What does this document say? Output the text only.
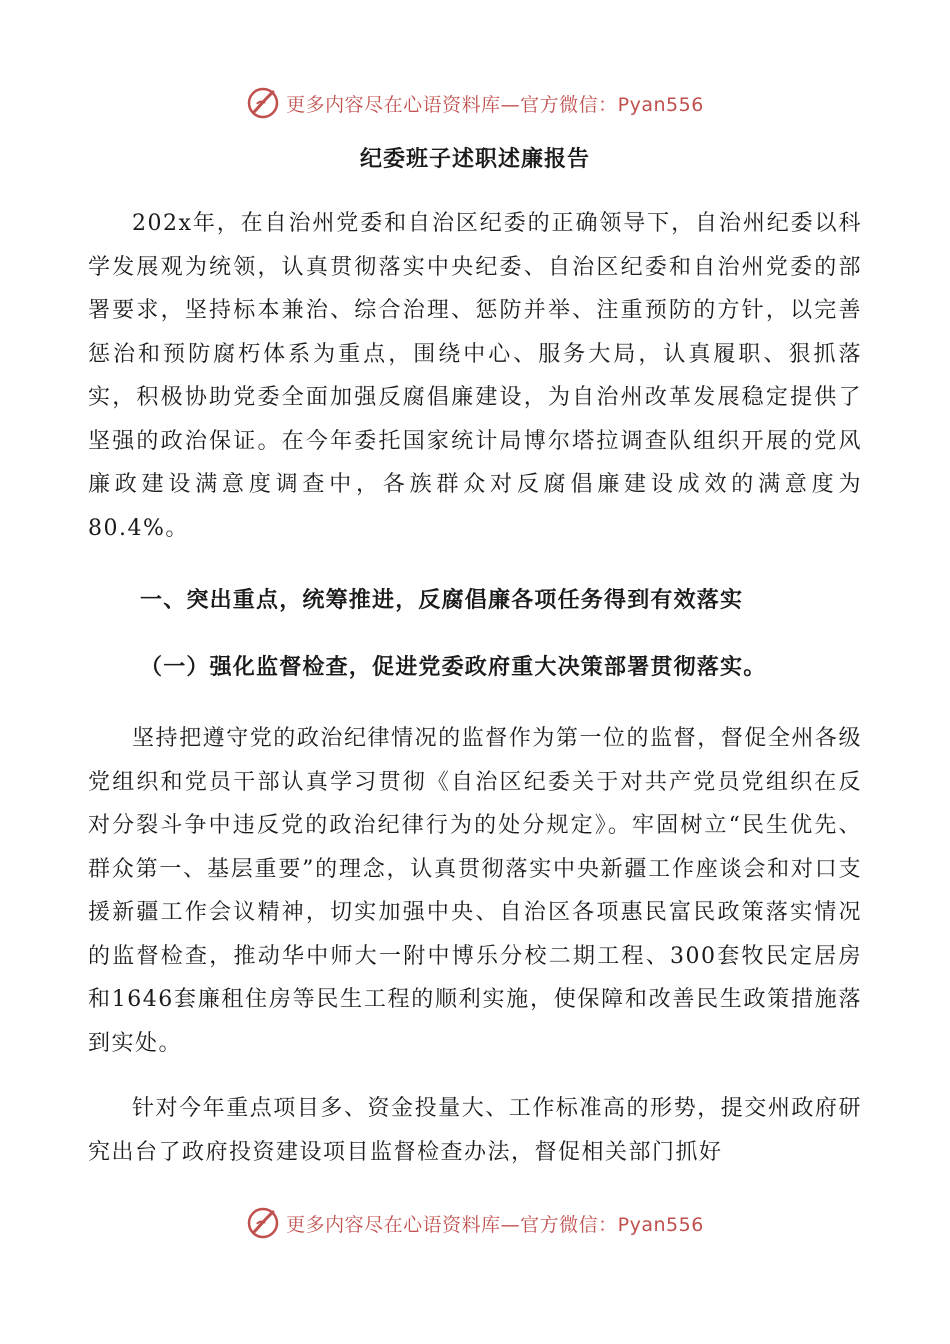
更多内容尽在心语资料库—官方微信：Pyan556
纪委班子述职述廉报告

202x年，在自治州党委和自治区纪委的正确领导下，自治州纪委以科学发展观为统领，认真贯彻落实中央纪委、自治区纪委和自治州党委的部署要求，坚持标本兼治、综合治理、惩防并举、注重预防的方针，以完善惩治和预防腐朽体系为重点，围绕中心、服务大局，认真履职、狠抓落实，积极协助党委全面加强反腐倡廉建设，为自治州改革发展稳定提供了坚强的政治保证。在今年委托国家统计局博尔塔拉调查队组织开展的党风廉政建设满意度调查中，各族群众对反腐倡廉建设成效的满意度为80.4%。

一、突出重点，统筹推进，反腐倡廉各项任务得到有效落实
（一）强化监督检查，促进党委政府重大决策部署贯彻落实。

坚持把遵守党的政治纪律情况的监督作为第一位的监督，督促全州各级党组织和党员干部认真学习贯彻《自治区纪委关于对共产党员党组织在反对分裂斗争中违反党的政治纪律行为的处分规定》。牢固树立“民生优先、群众第一、基层重要”的理念，认真贯彻落实中央新疆工作座谈会和对口支援新疆工作会议精神，切实加强中央、自治区各项惠民富民政策落实情况的监督检查，推动华中师大一附中博乐分校二期工程、300套牧民定居房和1646套廉租住房等民生工程的顺利实施，使保障和改善民生政策措施落到实处。

针对今年重点项目多、资金投量大、工作标准高的形势，提交州政府研究出台了政府投资建设项目监督检查办法，督促相关部门抓好

更多内容尽在心语资料库—官方微信：Pyan556
